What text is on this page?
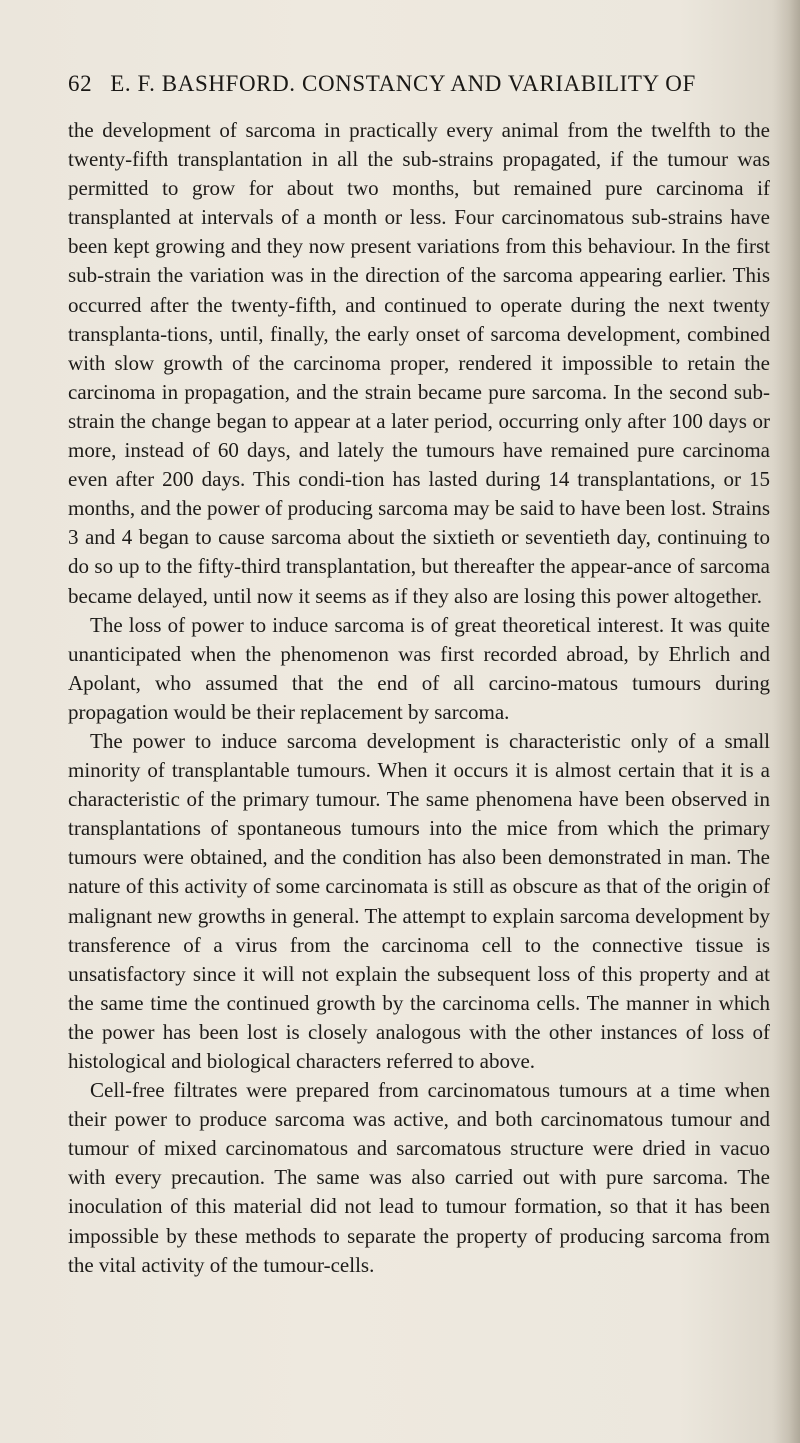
62 E. F. BASHFORD. CONSTANCY AND VARIABILITY OF

the development of sarcoma in practically every animal from the twelfth to the twenty-fifth transplantation in all the sub-strains propagated, if the tumour was permitted to grow for about two months, but remained pure carcinoma if transplanted at intervals of a month or less. Four carcinomatous sub-strains have been kept growing and they now present variations from this behaviour. In the first sub-strain the variation was in the direction of the sarcoma appearing earlier. This occurred after the twenty-fifth, and continued to operate during the next twenty transplanta-tions, until, finally, the early onset of sarcoma development, combined with slow growth of the carcinoma proper, rendered it impossible to retain the carcinoma in propagation, and the strain became pure sarcoma. In the second sub-strain the change began to appear at a later period, occurring only after 100 days or more, instead of 60 days, and lately the tumours have remained pure carcinoma even after 200 days. This condi-tion has lasted during 14 transplantations, or 15 months, and the power of producing sarcoma may be said to have been lost. Strains 3 and 4 began to cause sarcoma about the sixtieth or seventieth day, continuing to do so up to the fifty-third transplantation, but thereafter the appear-ance of sarcoma became delayed, until now it seems as if they also are losing this power altogether.

The loss of power to induce sarcoma is of great theoretical interest. It was quite unanticipated when the phenomenon was first recorded abroad, by Ehrlich and Apolant, who assumed that the end of all carcino-matous tumours during propagation would be their replacement by sarcoma.

The power to induce sarcoma development is characteristic only of a small minority of transplantable tumours. When it occurs it is almost certain that it is a characteristic of the primary tumour. The same phenomena have been observed in transplantations of spontaneous tumours into the mice from which the primary tumours were obtained, and the condition has also been demonstrated in man. The nature of this activity of some carcinomata is still as obscure as that of the origin of malignant new growths in general. The attempt to explain sarcoma development by transference of a virus from the carcinoma cell to the connective tissue is unsatisfactory since it will not explain the subsequent loss of this property and at the same time the continued growth by the carcinoma cells. The manner in which the power has been lost is closely analogous with the other instances of loss of histological and biological characters referred to above.

Cell-free filtrates were prepared from carcinomatous tumours at a time when their power to produce sarcoma was active, and both carcinomatous tumour and tumour of mixed carcinomatous and sarcomatous structure were dried in vacuo with every precaution. The same was also carried out with pure sarcoma. The inoculation of this material did not lead to tumour formation, so that it has been impossible by these methods to separate the property of producing sarcoma from the vital activity of the tumour-cells.
